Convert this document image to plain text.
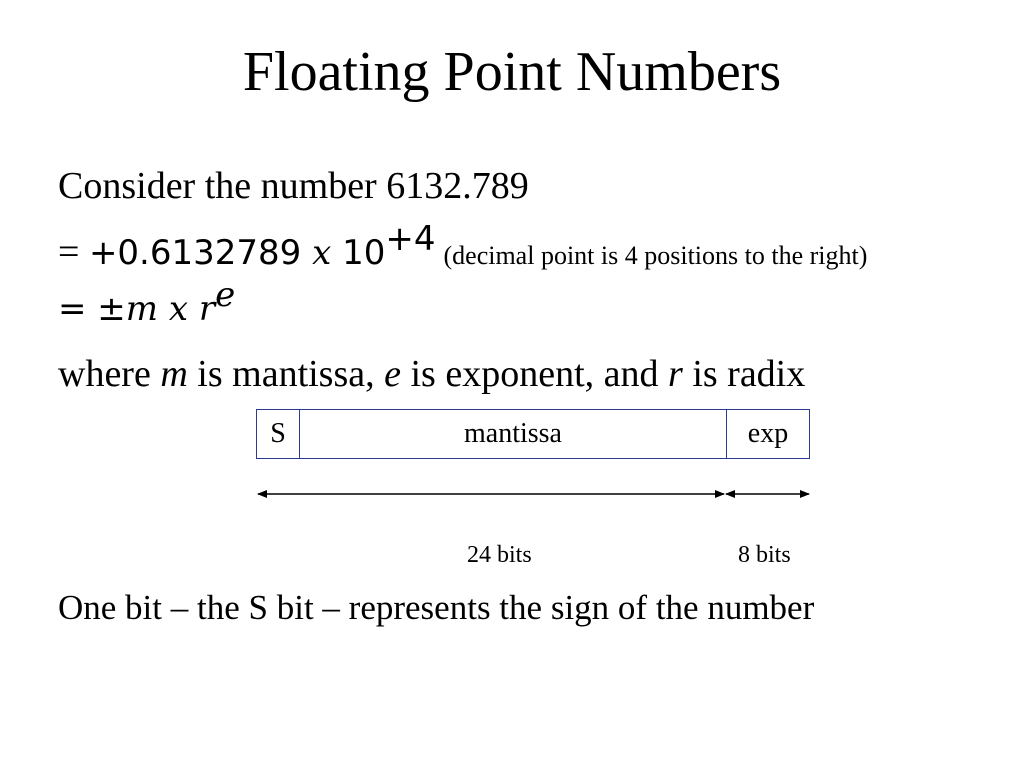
Floating Point Numbers
Consider the number 6132.789
= +0.6132789 x $10^{+4}$ (decimal point is 4 positions to the right)
= ±m x $r^e$
where m is mantissa, e is exponent, and r is radix
S	mantissa	exp
24 bits	8 bits
One bit – the S bit – represents the sign of the number
